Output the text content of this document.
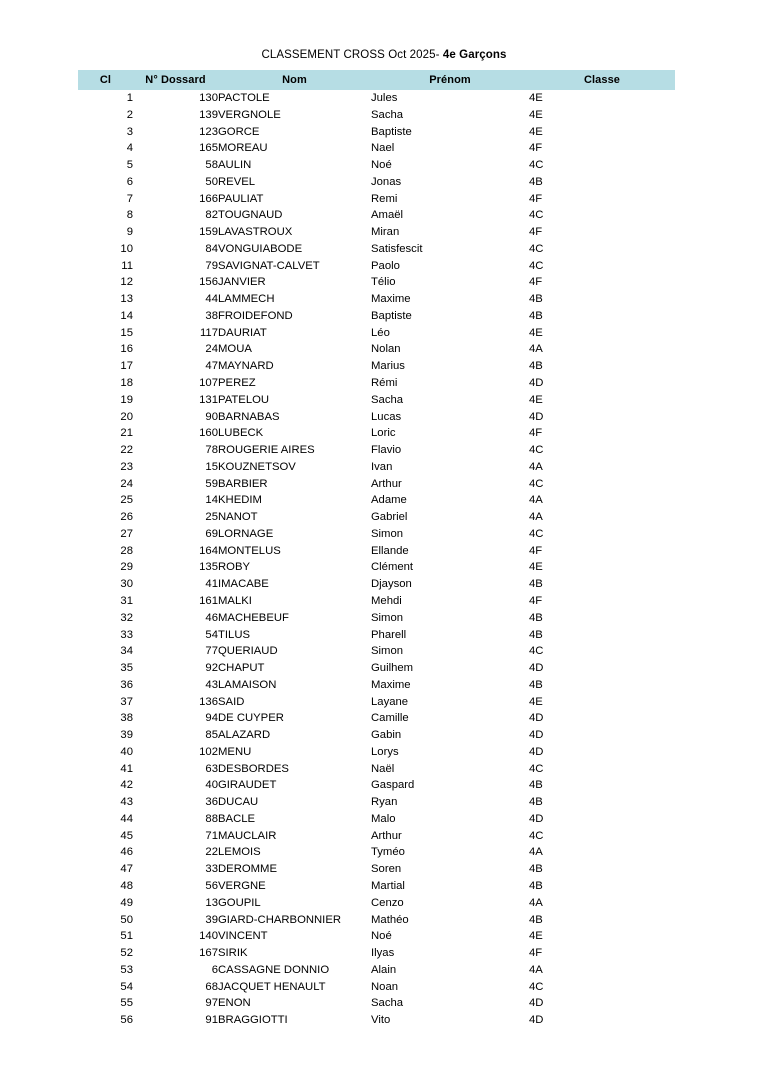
CLASSEMENT CROSS Oct 2025- 4e Garçons
Cl	N° Dossard	Nom	Prénom	Classe
1	130	PACTOLE	Jules	4E
2	139	VERGNOLE	Sacha	4E
3	123	GORCE	Baptiste	4E
4	165	MOREAU	Nael	4F
5	58	AULIN	Noé	4C
6	50	REVEL	Jonas	4B
7	166	PAULIAT	Remi	4F
8	82	TOUGNAUD	Amaël	4C
9	159	LAVASTROUX	Miran	4F
10	84	VONGUIABODE	Satisfescit	4C
11	79	SAVIGNAT-CALVET	Paolo	4C
12	156	JANVIER	Télio	4F
13	44	LAMMECH	Maxime	4B
14	38	FROIDEFOND	Baptiste	4B
15	117	DAURIAT	Léo	4E
16	24	MOUA	Nolan	4A
17	47	MAYNARD	Marius	4B
18	107	PEREZ	Rémi	4D
19	131	PATELOU	Sacha	4E
20	90	BARNABAS	Lucas	4D
21	160	LUBECK	Loric	4F
22	78	ROUGERIE AIRES	Flavio	4C
23	15	KOUZNETSOV	Ivan	4A
24	59	BARBIER	Arthur	4C
25	14	KHEDIM	Adame	4A
26	25	NANOT	Gabriel	4A
27	69	LORNAGE	Simon	4C
28	164	MONTELUS	Ellande	4F
29	135	ROBY	Clément	4E
30	41	IMACABE	Djayson	4B
31	161	MALKI	Mehdi	4F
32	46	MACHEBEUF	Simon	4B
33	54	TILUS	Pharell	4B
34	77	QUERIAUD	Simon	4C
35	92	CHAPUT	Guilhem	4D
36	43	LAMAISON	Maxime	4B
37	136	SAID	Layane	4E
38	94	DE CUYPER	Camille	4D
39	85	ALAZARD	Gabin	4D
40	102	MENU	Lorys	4D
41	63	DESBORDES	Naël	4C
42	40	GIRAUDET	Gaspard	4B
43	36	DUCAU	Ryan	4B
44	88	BACLE	Malo	4D
45	71	MAUCLAIR	Arthur	4C
46	22	LEMOIS	Tyméo	4A
47	33	DEROMME	Soren	4B
48	56	VERGNE	Martial	4B
49	13	GOUPIL	Cenzo	4A
50	39	GIARD-CHARBONNIER	Mathéo	4B
51	140	VINCENT	Noé	4E
52	167	SIRIK	Ilyas	4F
53	6	CASSAGNE DONNIO	Alain	4A
54	68	JACQUET HENAULT	Noan	4C
55	97	ENON	Sacha	4D
56	91	BRAGGIOTTI	Vito	4D
